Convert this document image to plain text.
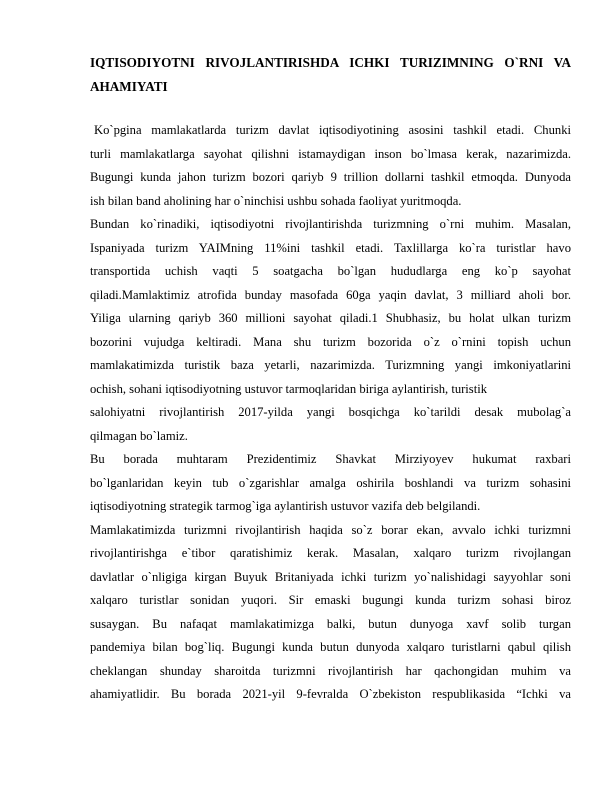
IQTISODIYOTNI RIVOJLANTIRISHDA ICHKI TURIZIMNING O`RNI VA AHAMIYATI
Ko`pgina mamlakatlarda turizm davlat iqtisodiyotining asosini tashkil etadi. Chunki
turli mamlakatlarga sayohat qilishni istamaydigan inson bo`lmasa kerak, nazarimizda.
Bugungi kunda jahon turizm bozori qariyb 9 trillion dollarni tashkil etmoqda. Dunyoda
ish bilan band aholining har o`ninchisi ushbu sohada faoliyat yuritmoqda.
Bundan ko`rinadiki, iqtisodiyotni rivojlantirishda turizmning o`rni muhim. Masalan,
Ispaniyada turizm YAIMning 11%ini tashkil etadi. Taxlillarga ko`ra turistlar havo
transportida uchish vaqti 5 soatgacha bo`lgan hududlarga eng ko`p sayohat
qiladi.Mamlaktimiz atrofida bunday masofada 60ga yaqin davlat, 3 milliard aholi bor.
Yiliga ularning qariyb 360 millioni sayohat qiladi.1 Shubhasiz, bu holat ulkan turizm
bozorini vujudga keltiradi. Mana shu turizm bozorida o`z o`rnini topish uchun
mamlakatimizda turistik baza yetarli, nazarimizda. Turizmning yangi imkoniyatlarini
ochish, sohani iqtisodiyotning ustuvor tarmoqlaridan biriga aylantirish, turistik
salohiyatni rivojlantirish 2017-yilda yangi bosqichga ko`tarildi desak mubolag`a
qilmagan bo`lamiz.
Bu borada muhtaram Prezidentimiz Shavkat Mirziyoyev hukumat raxbari
bo`lganlaridan keyin tub o`zgarishlar amalga oshirila boshlandi va turizm sohasini
iqtisodiyotning strategik tarmog`iga aylantirish ustuvor vazifa deb belgilandi.
Mamlakatimizda turizmni rivojlantirish haqida so`z borar ekan, avvalo ichki turizmni
rivojlantirishga e`tibor qaratishimiz kerak. Masalan, xalqaro turizm rivojlangan
davlatlar o`nligiga kirgan Buyuk Britaniyada ichki turizm yo`nalishidagi sayyohlar soni
xalqaro turistlar sonidan yuqori. Sir emaski bugungi kunda turizm sohasi biroz
susaygan. Bu nafaqat mamlakatimizga balki, butun dunyoga xavf solib turgan
pandemiya bilan bog`liq. Bugungi kunda butun dunyoda xalqaro turistlarni qabul qilish
cheklangan shunday sharoitda turizmni rivojlantirish har qachongidan muhim va
ahamiyatlidir. Bu borada 2021-yil 9-fevralda O`zbekiston respublikasida “Ichki va
